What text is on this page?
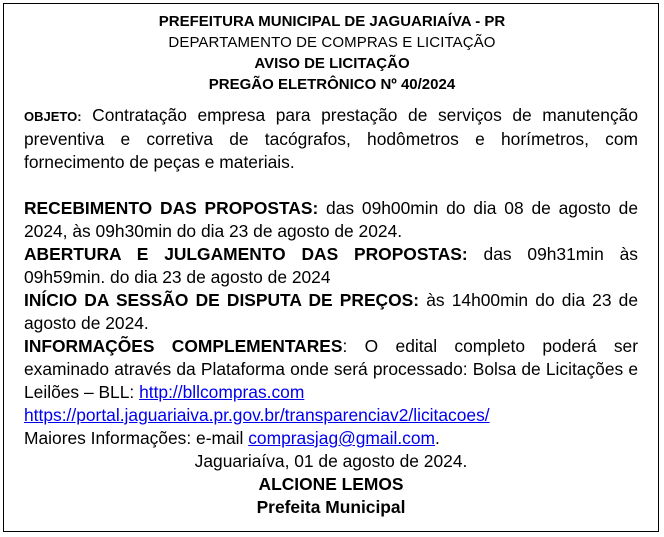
PREFEITURA MUNICIPAL DE JAGUARIAÍVA - PR
DEPARTAMENTO DE COMPRAS E LICITAÇÃO
AVISO DE LICITAÇÃO
PREGÃO ELETRÔNICO Nº 40/2024
OBJETO: Contratação empresa para prestação de serviços de manutenção preventiva e corretiva de tacógrafos, hodômetros e horímetros, com fornecimento de peças e materiais.

RECEBIMENTO DAS PROPOSTAS: das 09h00min do dia 08 de agosto de 2024, às 09h30min do dia 23 de agosto de 2024.

ABERTURA E JULGAMENTO DAS PROPOSTAS: das 09h31min às 09h59min. do dia 23 de agosto de 2024

INÍCIO DA SESSÃO DE DISPUTA DE PREÇOS: às 14h00min do dia 23 de agosto de 2024.

INFORMAÇÕES COMPLEMENTARES: O edital completo poderá ser examinado através da Plataforma onde será processado: Bolsa de Licitações e Leilões – BLL: http://bllcompras.com
https://portal.jaguariaiva.pr.gov.br/transparenciav2/licitacoes/
Maiores Informações: e-mail comprasjag@gmail.com.

Jaguariaíva, 01 de agosto de 2024.

ALCIONE LEMOS

Prefeita Municipal
